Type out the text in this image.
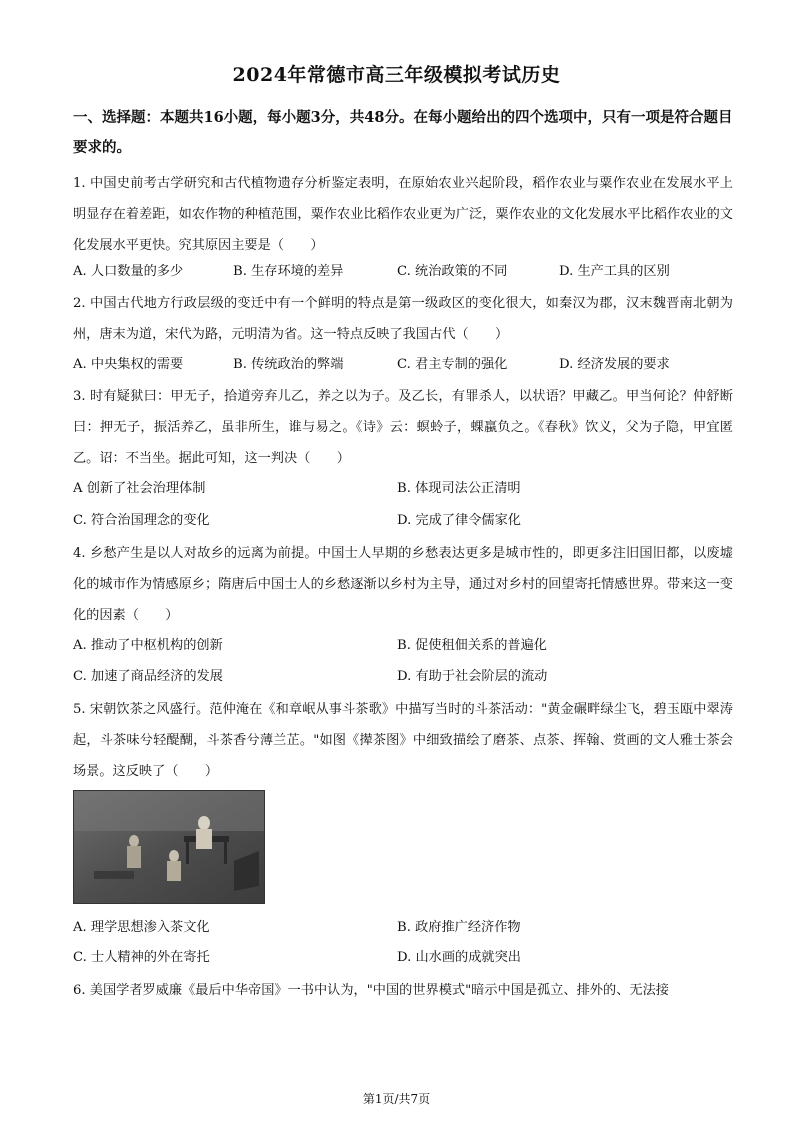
2024年常德市高三年级模拟考试历史
一、选择题：本题共16小题，每小题3分，共48分。在每小题给出的四个选项中，只有一项是符合题目要求的。
1. 中国史前考古学研究和古代植物遗存分析鉴定表明，在原始农业兴起阶段，稻作农业与粟作农业在发展水平上明显存在着差距，如农作物的种植范围，粟作农业比稻作农业更为广泛，粟作农业的文化发展水平比稻作农业的文化发展水平更快。究其原因主要是（　　）
A. 人口数量的多少	B. 生存环境的差异	C. 统治政策的不同	D. 生产工具的区别
2. 中国古代地方行政层级的变迁中有一个鲜明的特点是第一级政区的变化很大，如秦汉为郡，汉末魏晋南北朝为州，唐末为道，宋代为路，元明清为省。这一特点反映了我国古代（　　）
A. 中央集权的需要	B. 传统政治的弊端	C. 君主专制的强化	D. 经济发展的要求
3. 时有疑狱曰：甲无子，拾道旁弃儿乙，养之以为子。及乙长，有罪杀人，以状语？甲藏乙。甲当何论？仲舒断曰：押无子，振活养乙，虽非所生，谁与易之。《诗》云：螟蛉子，蜾蠃负之。《春秋》饮义，父为子隐，甲宜匿乙。诏：不当坐。据此可知，这一判决（　　）
A 创新了社会治理体制	B. 体现司法公正清明
C. 符合治国理念的变化	D. 完成了律令儒家化
4. 乡愁产生是以人对故乡的远离为前提。中国士人早期的乡愁表达更多是城市性的，即更多注旧国旧都，以废墟化的城市作为情感原乡；隋唐后中国士人的乡愁逐渐以乡村为主导，通过对乡村的回望寄托情感世界。带来这一变化的因素（　　）
A. 推动了中枢机构的创新	B. 促使租佃关系的普遍化
C. 加速了商品经济的发展	D. 有助于社会阶层的流动
5. 宋朝饮茶之风盛行。范仲淹在《和章岷从事斗茶歌》中描写当时的斗茶活动："黄金碾畔绿尘飞，碧玉瓯中翠涛起，斗茶味兮轻醍醐，斗茶香兮薄兰芷。"如图《撵茶图》中细致描绘了磨茶、点茶、挥翰、赏画的文人雅士茶会场景。这反映了（　　）
A. 理学思想渗入茶文化	B. 政府推广经济作物
C. 士人精神的外在寄托	D. 山水画的成就突出
6. 美国学者罗威廉《最后中华帝国》一书中认为，"中国的世界模式"暗示中国是孤立、排外的、无法接
第1页/共7页
